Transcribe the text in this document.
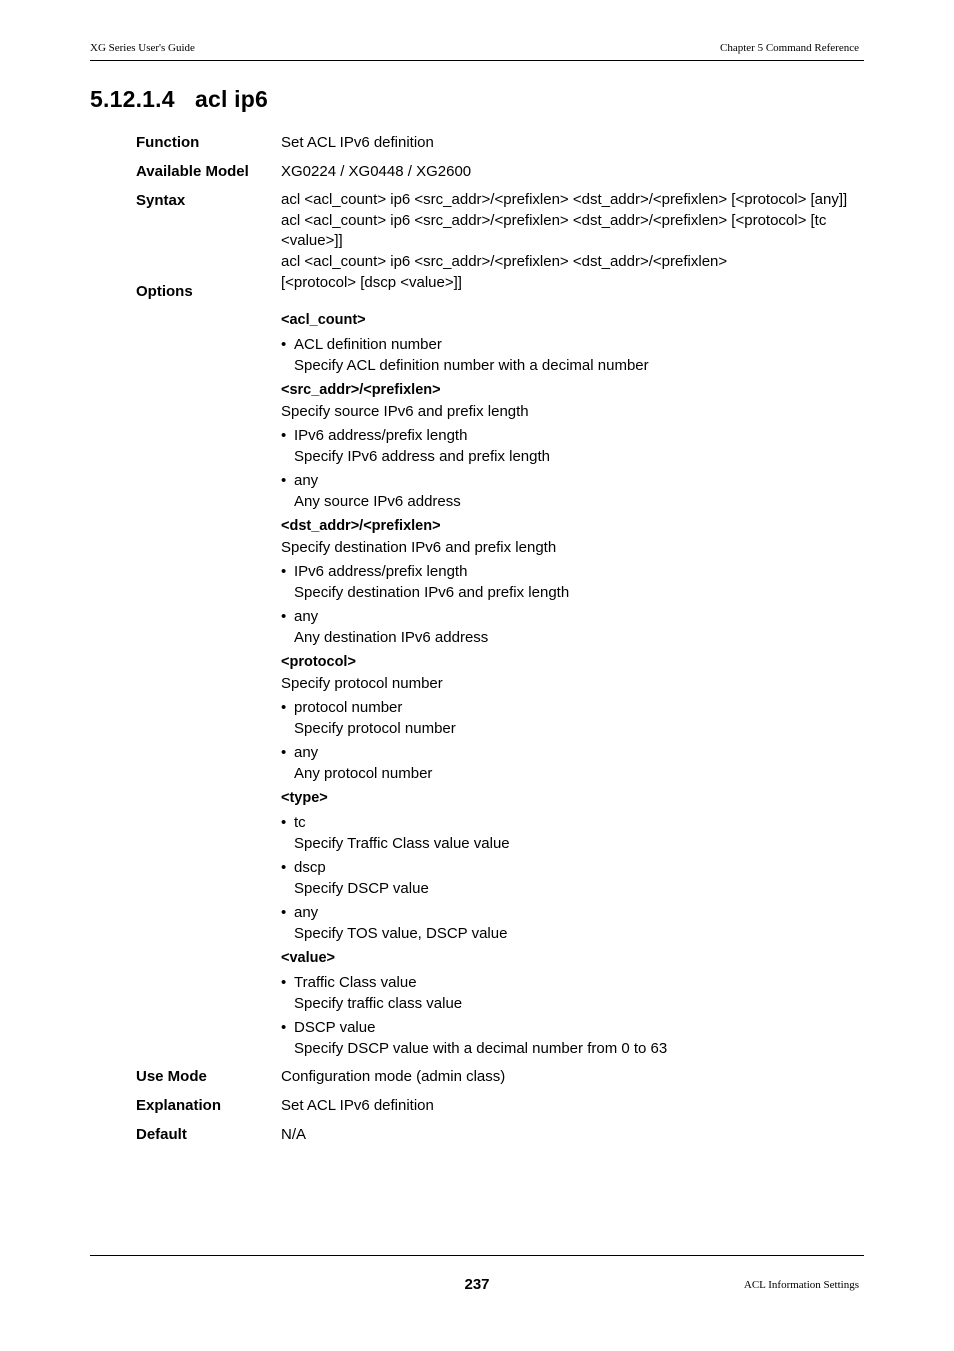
XG Series User's Guide	Chapter 5 Command Reference
5.12.1.4 acl ip6
Function	Set ACL IPv6 definition
Available Model	XG0224 / XG0448 / XG2600
Syntax	acl <acl_count> ip6 <src_addr>/<prefixlen> <dst_addr>/<prefixlen> [<protocol> [any]]
acl <acl_count> ip6 <src_addr>/<prefixlen> <dst_addr>/<prefixlen> [<protocol> [tc <value>]]
acl <acl_count> ip6 <src_addr>/<prefixlen> <dst_addr>/<prefixlen>
[<protocol> [dscp <value>]]
Options
<acl_count>
• ACL definition number
Specify ACL definition number with a decimal number
<src_addr>/<prefixlen>
Specify source IPv6 and prefix length
• IPv6 address/prefix length
Specify IPv6 address and prefix length
• any
Any source IPv6 address
<dst_addr>/<prefixlen>
Specify destination IPv6 and prefix length
• IPv6 address/prefix length
Specify destination IPv6 and prefix length
• any
Any destination IPv6 address
<protocol>
Specify protocol number
• protocol number
Specify protocol number
• any
Any protocol number
<type>
• tc
Specify Traffic Class value value
• dscp
Specify DSCP value
• any
Specify TOS value, DSCP value
<value>
• Traffic Class value
Specify traffic class value
• DSCP value
Specify DSCP value with a decimal number from 0 to 63
Use Mode	Configuration mode (admin class)
Explanation	Set ACL IPv6 definition
Default	N/A
237	ACL Information Settings
